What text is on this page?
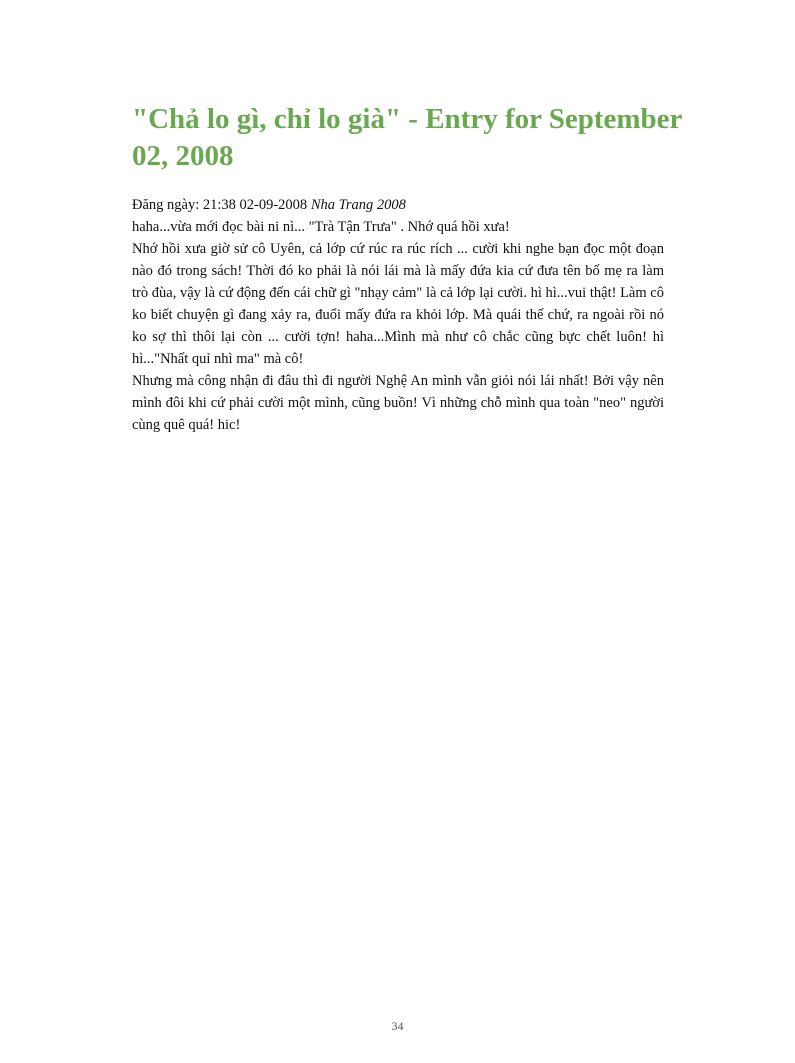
"Chả lo gì, chỉ lo già" - Entry for September 02, 2008

Đăng ngày: 21:38 02-09-2008 Nha Trang 2008

haha...vừa mới đọc bài ni nì... "Trà Tận Trưa" . Nhớ quá hồi xưa!

Nhớ hồi xưa giờ sử cô Uyên, cả lớp cứ rúc ra rúc rích ... cười khi nghe bạn đọc một đoạn nào đó trong sách! Thời đó ko phải là nói lái mà là mấy đứa kia cứ đưa tên bố mẹ ra làm trò đùa, vậy là cứ động đến cái chữ gì "nhạy cảm" là cả lớp lại cười. hì hì...vui thật! Làm cô ko biết chuyện gì đang xảy ra, đuổi mấy đứa ra khỏi lớp. Mà quái thế chứ, ra ngoài rồi nó ko sợ thì thôi lại còn ... cười tợn! haha...Mình mà như cô chắc cũng bực chết luôn! hì hì..."Nhất quỉ nhì ma" mà cô!

Nhưng mà công nhận đi đâu thì đi người Nghệ An mình vẫn giỏi nói lái nhất! Bởi vậy nên mình đôi khi cứ phải cười một mình, cũng buồn! Vì những chỗ mình qua toàn "neo" người cùng quê quá! hic!

34
